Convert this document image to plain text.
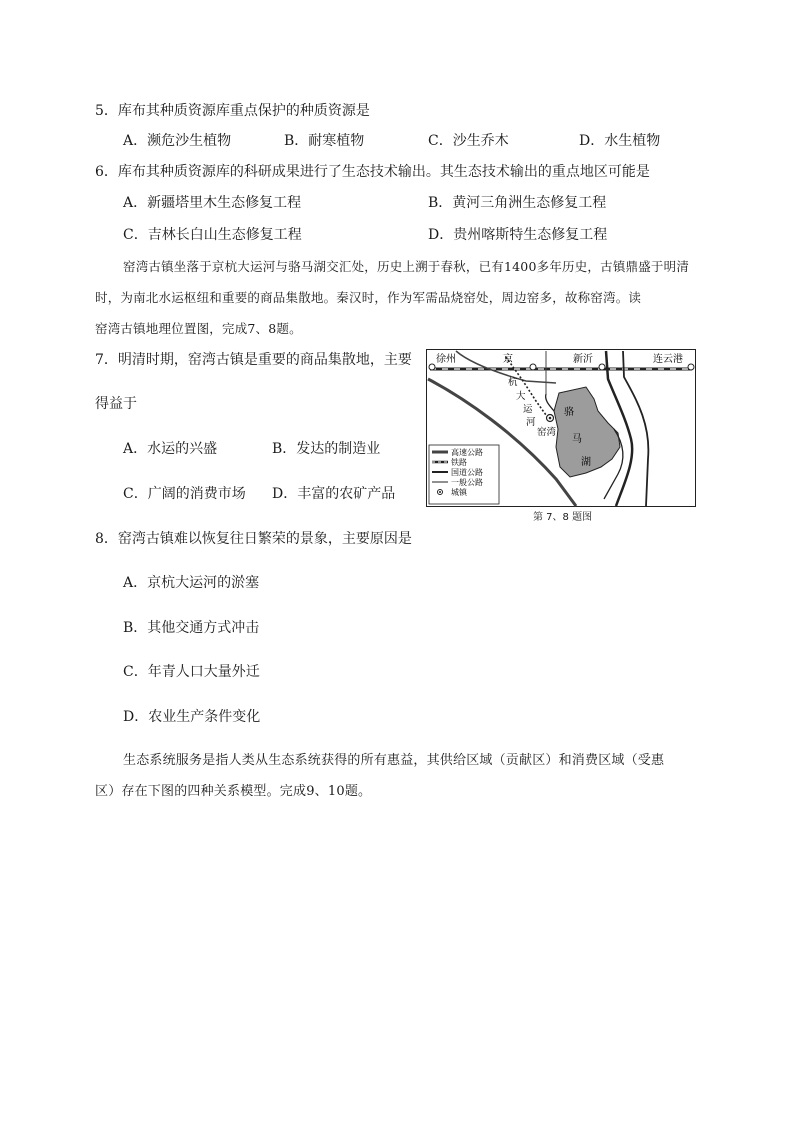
5．库布其种质资源库重点保护的种质资源是
A．濒危沙生植物	B．耐寒植物	C．沙生乔木	D．水生植物
6．库布其种质资源库的科研成果进行了生态技术输出。其生态技术输出的重点地区可能是
A．新疆塔里木生态修复工程	B．黄河三角洲生态修复工程
C．吉林长白山生态修复工程	D．贵州喀斯特生态修复工程
窑湾古镇坐落于京杭大运河与骆马湖交汇处，历史上溯于春秋，已有1400多年历史，古镇鼎盛于明清
时，为南北水运枢纽和重要的商品集散地。秦汉时，作为军需品烧窑处，周边窑多，故称窑湾。读
窑湾古镇地理位置图，完成7、8题。
7．明清时期，窑湾古镇是重要的商品集散地，主要
得益于
A．水运的兴盛	B．发达的制造业
C．广阔的消费市场 D．丰富的农矿产品
徐州	京	新沂	连云港
杭
大
运
河
窑湾
骆
马
湖
高速公路
铁路
国道公路
一般公路
城镇
第 7、8 题图
8．窑湾古镇难以恢复往日繁荣的景象，主要原因是
A．京杭大运河的淤塞
B．其他交通方式冲击
C．年青人口大量外迁
D．农业生产条件变化
生态系统服务是指人类从生态系统获得的所有惠益，其供给区域（贡献区）和消费区域（受惠
区）存在下图的四种关系模型。完成9、10题。
